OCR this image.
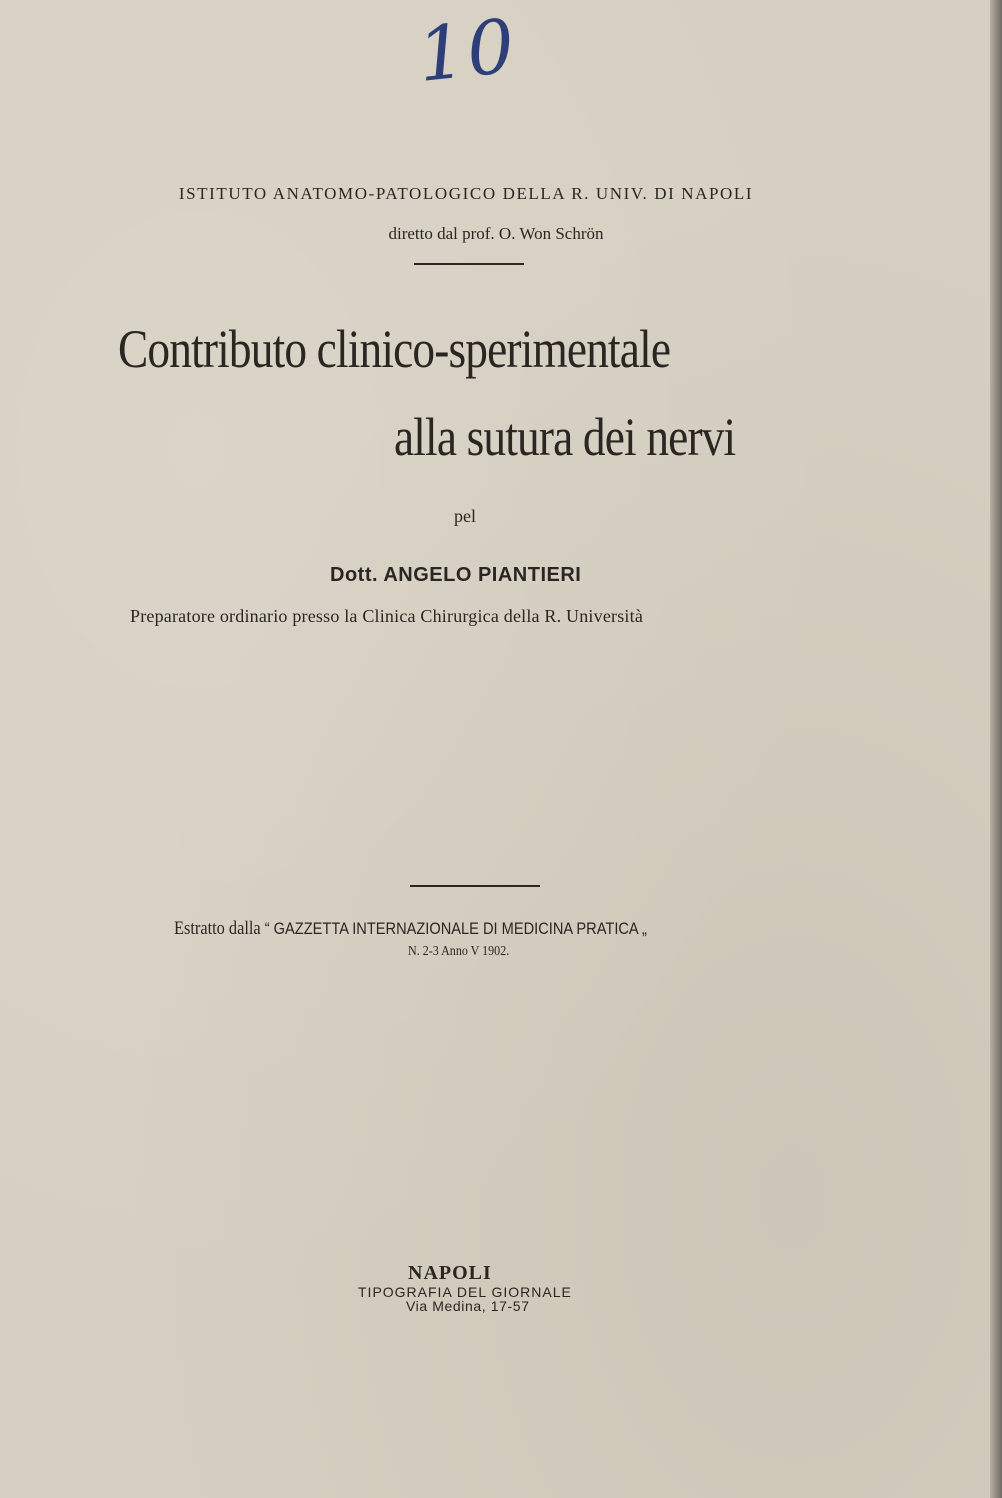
10
ISTITUTO ANATOMO-PATOLOGICO DELLA R. UNIV. DI NAPOLI
diretto dal prof. O. Won Schrön
Contributo clinico-sperimentale
alla sutura dei nervi
pel
Dott. ANGELO PIANTIERI
Preparatore ordinario presso la Clinica Chirurgica della R. Università
Estratto dalla “ GAZZETTA INTERNAZIONALE DI MEDICINA PRATICA „
N. 2-3 Anno V 1902.
NAPOLI
TIPOGRAFIA DEL GIORNALE
Via Medina, 17-57
